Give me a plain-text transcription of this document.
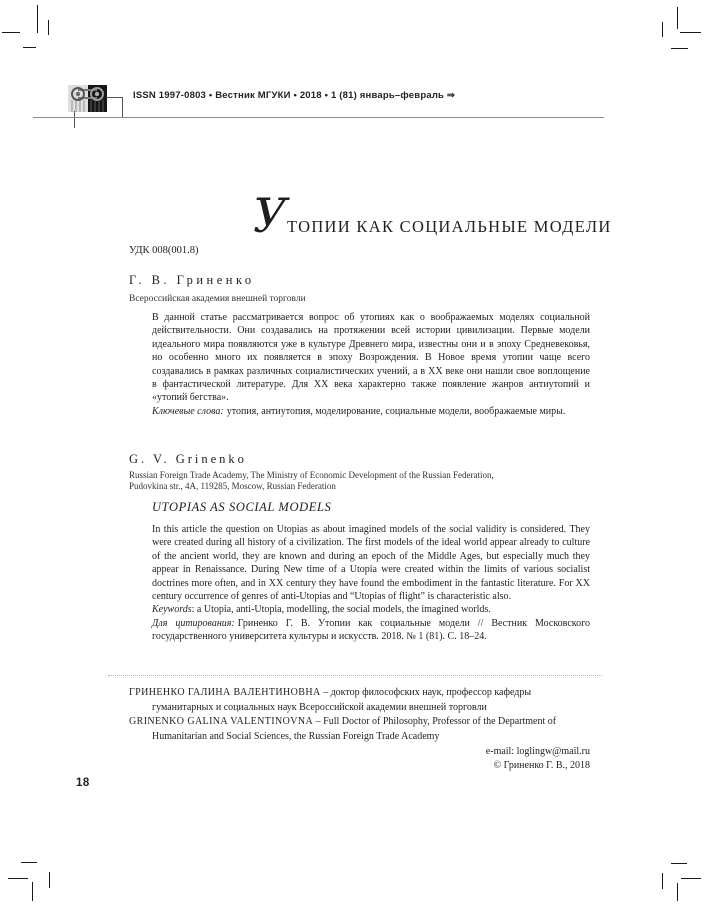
ISSN 1997-0803 • Вестник МГУКИ • 2018 • 1 (81) январь–февраль ⇒
УТОПИИ КАК СОЦИАЛЬНЫЕ МОДЕЛИ
УДК 008(001.8)
Г. В. Гриненко
Всероссийская академия внешней торговли

В данной статье рассматривается вопрос об утопиях как о воображаемых моделях социальной действительности. Они создавались на протяжении всей истории цивилизации. Первые модели идеального мира появляются уже в культуре Древнего мира, известны они и в эпоху Средневековья, но особенно много их появляется в эпоху Возрождения. В Новое время утопии чаще всего создавались в рамках различных социалистических учений, а в XX веке они нашли свое воплощение в фантастической литературе. Для XX века характерно также появление жанров антиутопий и «утопий бегства».

Ключевые слова: утопия, антиутопия, моделирование, социальные модели, воображаемые миры.

G. V. Grinenko
Russian Foreign Trade Academy, The Ministry of Economic Development of the Russian Federation,
Pudovkina str., 4A, 119285, Moscow, Russian Federation
UTOPIAS AS SOCIAL MODELS

In this article the question on Utopias as about imagined models of the social validity is considered. They were created during all history of a civilization. The first models of the ideal world appear already to culture of the ancient world, they are known and during an epoch of the Middle Ages, but especially much they appear in Renaissance. During New time of a Utopia were created within the limits of various socialist doctrines more often, and in XX century they have found the embodiment in the fantastic literature. For XX century occurrence of genres of anti-Utopias and “Utopias of flight” is characteristic also.

Keywords: a Utopia, anti-Utopia, modelling, the social models, the imagined worlds.

Для цитирования: Гриненко Г. В. Утопии как социальные модели // Вестник Московского государственного университета культуры и искусств. 2018. № 1 (81). С. 18–24.

ГРИНЕНКО ГАЛИНА ВАЛЕНТИНОВНА – доктор философских наук, профессор кафедры гуманитарных и социальных наук Всероссийской академии внешней торговли

GRINENKO GALINA VALENTINOVNA – Full Doctor of Philosophy, Professor of the Department of Humanitarian and Social Sciences, the Russian Foreign Trade Academy

e-mail: loglingw@mail.ru
© Гриненко Г. В., 2018
18
